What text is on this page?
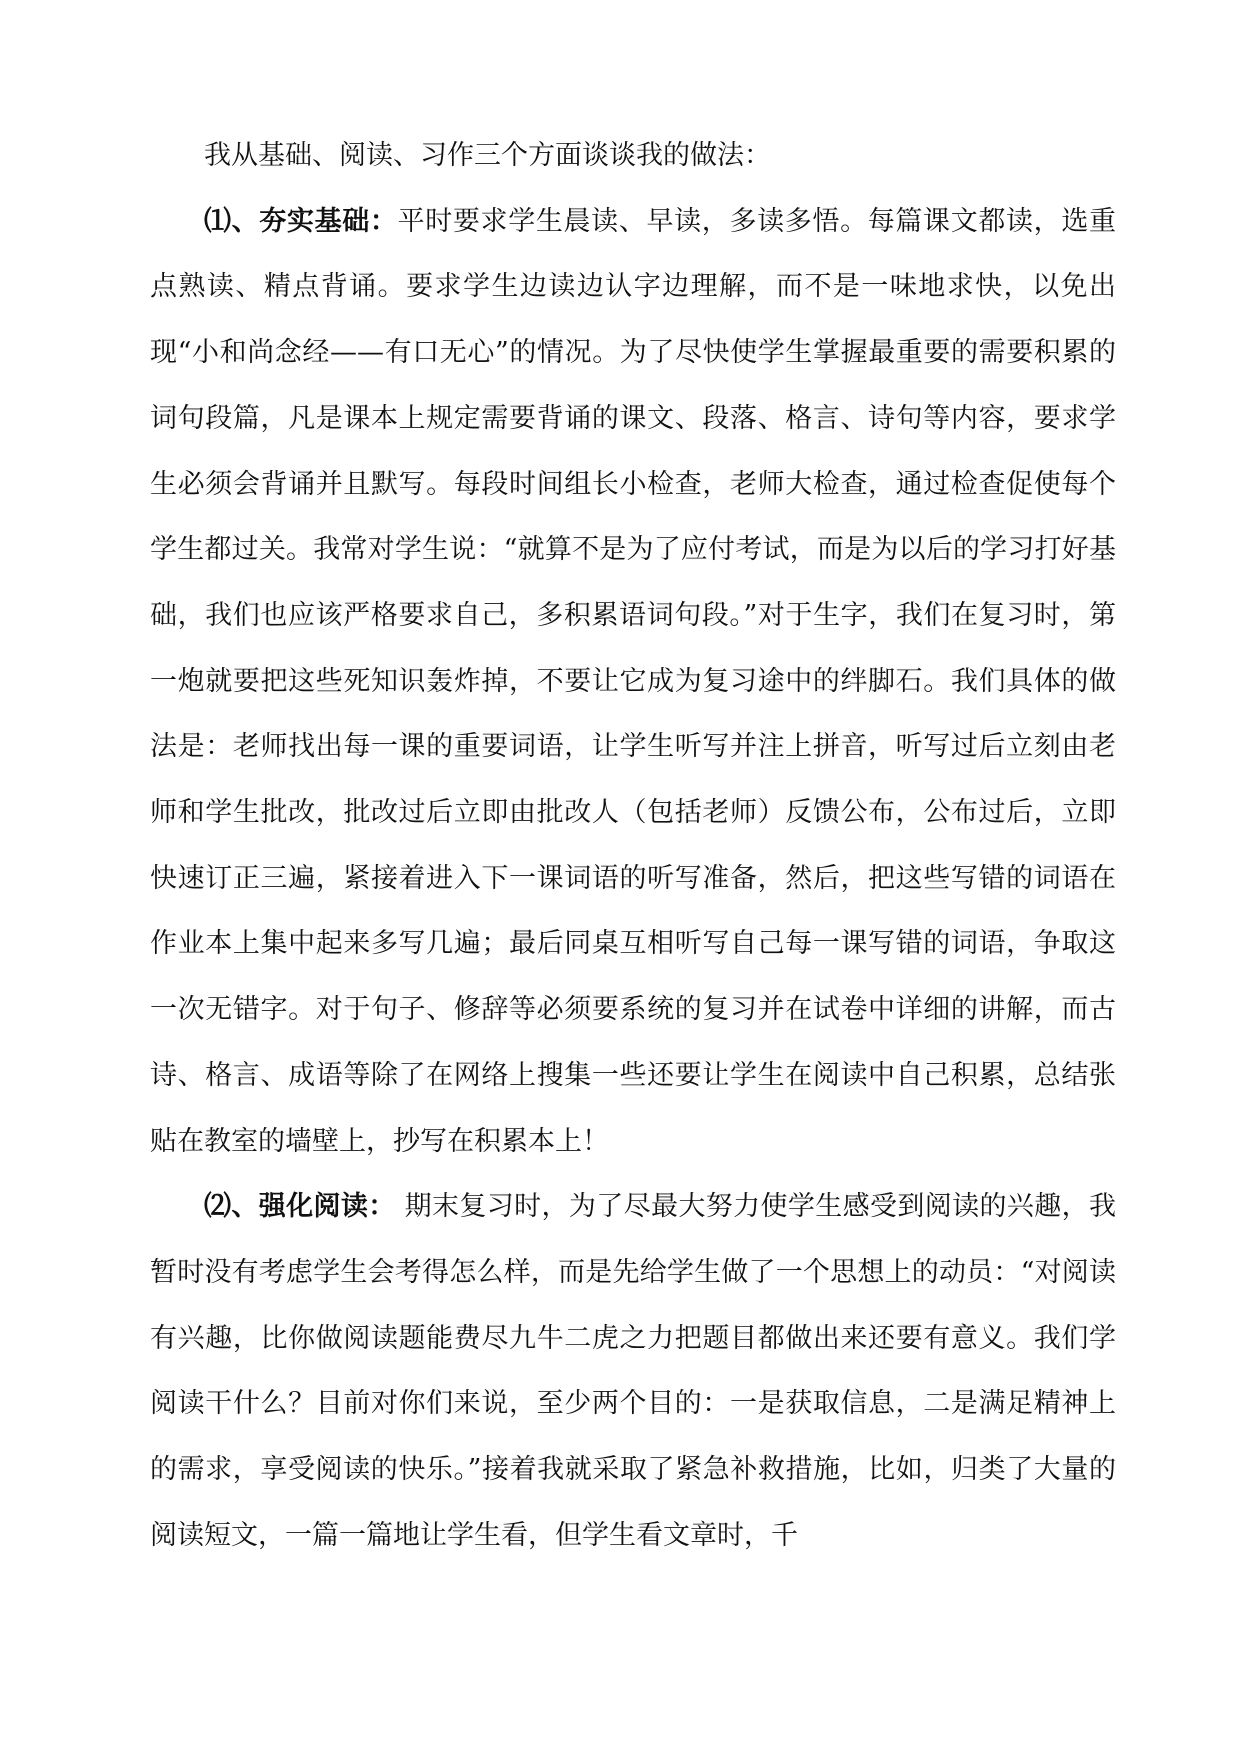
我从基础、阅读、习作三个方面谈谈我的做法：

⑴、夯实基础：平时要求学生晨读、早读，多读多悟。每篇课文都读，选重点熟读、精点背诵。要求学生边读边认字边理解，而不是一味地求快，以免出现“小和尚念经——有口无心”的情况。为了尽快使学生掌握最重要的需要积累的词句段篇，凡是课本上规定需要背诵的课文、段落、格言、诗句等内容，要求学生必须会背诵并且默写。每段时间组长小检查，老师大检查，通过检查促使每个学生都过关。我常对学生说：“就算不是为了应付考试，而是为以后的学习打好基础，我们也应该严格要求自己，多积累语词句段。”对于生字，我们在复习时，第一炮就要把这些死知识轰炸掉，不要让它成为复习途中的绊脚石。我们具体的做法是：老师找出每一课的重要词语，让学生听写并注上拼音，听写过后立刻由老师和学生批改，批改过后立即由批改人（包括老师）反馈公布，公布过后，立即快速订正三遍，紧接着进入下一课词语的听写准备，然后，把这些写错的词语在作业本上集中起来多写几遍；最后同桌互相听写自己每一课写错的词语，争取这一次无错字。对于句子、修辞等必须要系统的复习并在试卷中详细的讲解，而古诗、格言、成语等除了在网络上搜集一些还要让学生在阅读中自己积累，总结张贴在教室的墙壁上，抄写在积累本上！

⑵、强化阅读： 期末复习时，为了尽最大努力使学生感受到阅读的兴趣，我暂时没有考虑学生会考得怎么样，而是先给学生做了一个思想上的动员：“对阅读有兴趣，比你做阅读题能费尽九牛二虎之力把题目都做出来还要有意义。我们学阅读干什么？目前对你们来说，至少两个目的：一是获取信息，二是满足精神上的需求，享受阅读的快乐。”接着我就采取了紧急补救措施，比如，归类了大量的阅读短文，一篇一篇地让学生看，但学生看文章时，千
